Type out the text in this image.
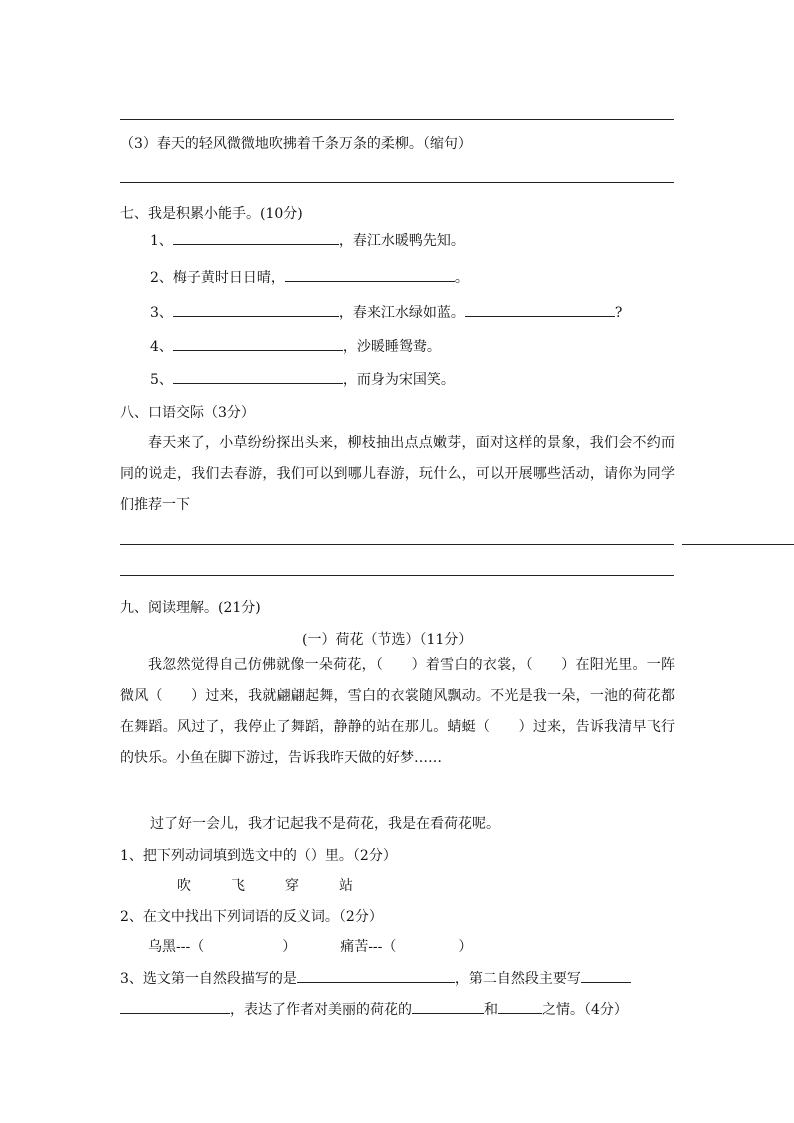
（3）春天的轻风微微地吹拂着千条万条的柔柳。（缩句）
七、我是积累小能手。(10分)
1、	，春江水暖鸭先知。
2、梅子黄时日日晴，	。
3、	，春来江水绿如蓝。	?
4、	，沙暖睡鸳鸯。
5、	，而身为宋国笑。
八、口语交际（3分）
春天来了，小草纷纷探出头来，柳枝抽出点点嫩芽，面对这样的景象，我们会不约而同的说走，我们去春游，我们可以到哪儿春游，玩什么，可以开展哪些活动，请你为同学们推荐一下
九、阅读理解。(21分)
(一）荷花（节选）（11分）
我忽然觉得自己仿佛就像一朵荷花，（　　）着雪白的衣裳，（　　）在阳光里。一阵微风（　　）过来，我就翩翩起舞，雪白的衣裳随风飘动。不光是我一朵，一池的荷花都在舞蹈。风过了，我停止了舞蹈，静静的站在那儿。蜻蜓（　　）过来，告诉我清早飞行的快乐。小鱼在脚下游过，告诉我昨天做的好梦……
过了好一会儿，我才记起我不是荷花，我是在看荷花呢。
1、把下列动词填到选文中的（）里。（2分）
吹	飞	穿	站
2、在文中找出下列词语的反义词。（2分）
乌黑---（	）	痛苦---（	）
3、选文第一自然段描写的是	，第二自然段主要写
，表达了作者对美丽的荷花的	和	之情。（4分）
